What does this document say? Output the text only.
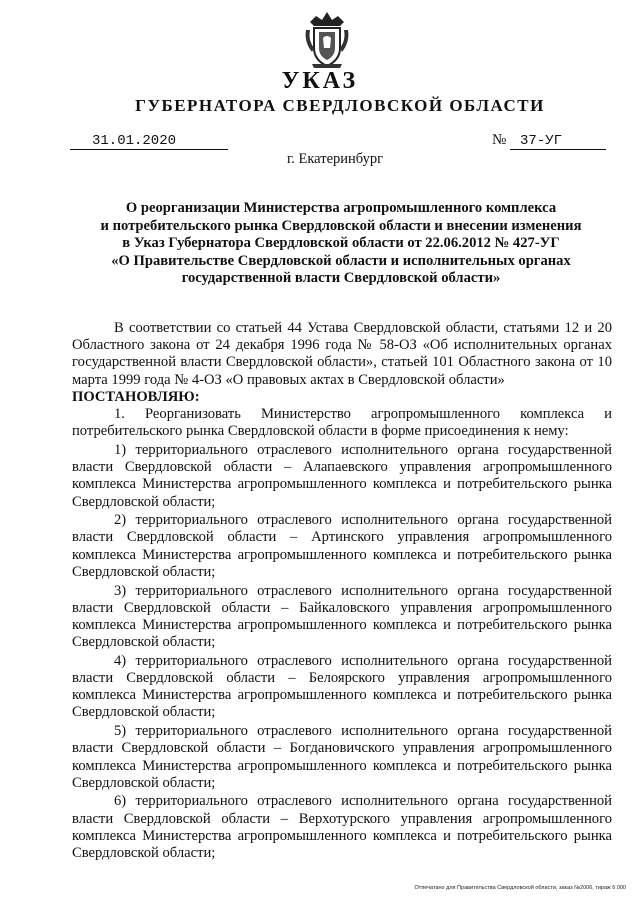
УКАЗ
ГУБЕРНАТОРА СВЕРДЛОВСКОЙ ОБЛАСТИ
31.01.2020	№ 37-УГ
г. Екатеринбург
О реорганизации Министерства агропромышленного комплекса
и потребительского рынка Свердловской области и внесении изменения
в Указ Губернатора Свердловской области от 22.06.2012 № 427-УГ
«О Правительстве Свердловской области и исполнительных органах
государственной власти Свердловской области»

В соответствии со статьей 44 Устава Свердловской области, статьями 12 и 20 Областного закона от 24 декабря 1996 года № 58-ОЗ «Об исполнительных органах государственной власти Свердловской области», статьей 101 Областного закона от 10 марта 1999 года № 4-ОЗ «О правовых актах в Свердловской области»

ПОСТАНОВЛЯЮ:

1. Реорганизовать Министерство агропромышленного комплекса и потребительского рынка Свердловской области в форме присоединения к нему:

1) территориального отраслевого исполнительного органа государственной власти Свердловской области – Алапаевского управления агропромышленного комплекса Министерства агропромышленного комплекса и потребительского рынка Свердловской области;

2) территориального отраслевого исполнительного органа государственной власти Свердловской области – Артинского управления агропромышленного комплекса Министерства агропромышленного комплекса и потребительского рынка Свердловской области;

3) территориального отраслевого исполнительного органа государственной власти Свердловской области – Байкаловского управления агропромышленного комплекса Министерства агропромышленного комплекса и потребительского рынка Свердловской области;

4) территориального отраслевого исполнительного органа государственной власти Свердловской области – Белоярского управления агропромышленного комплекса Министерства агропромышленного комплекса и потребительского рынка Свердловской области;

5) территориального отраслевого исполнительного органа государственной власти Свердловской области – Богдановичского управления агропромышленного комплекса Министерства агропромышленного комплекса и потребительского рынка Свердловской области;

6) территориального отраслевого исполнительного органа государственной власти Свердловской области – Верхотурского управления агропромышленного комплекса Министерства агропромышленного комплекса и потребительского рынка Свердловской области;

Отпечатано для Правительства Свердловской области, заказ №2006, тираж 6 000
